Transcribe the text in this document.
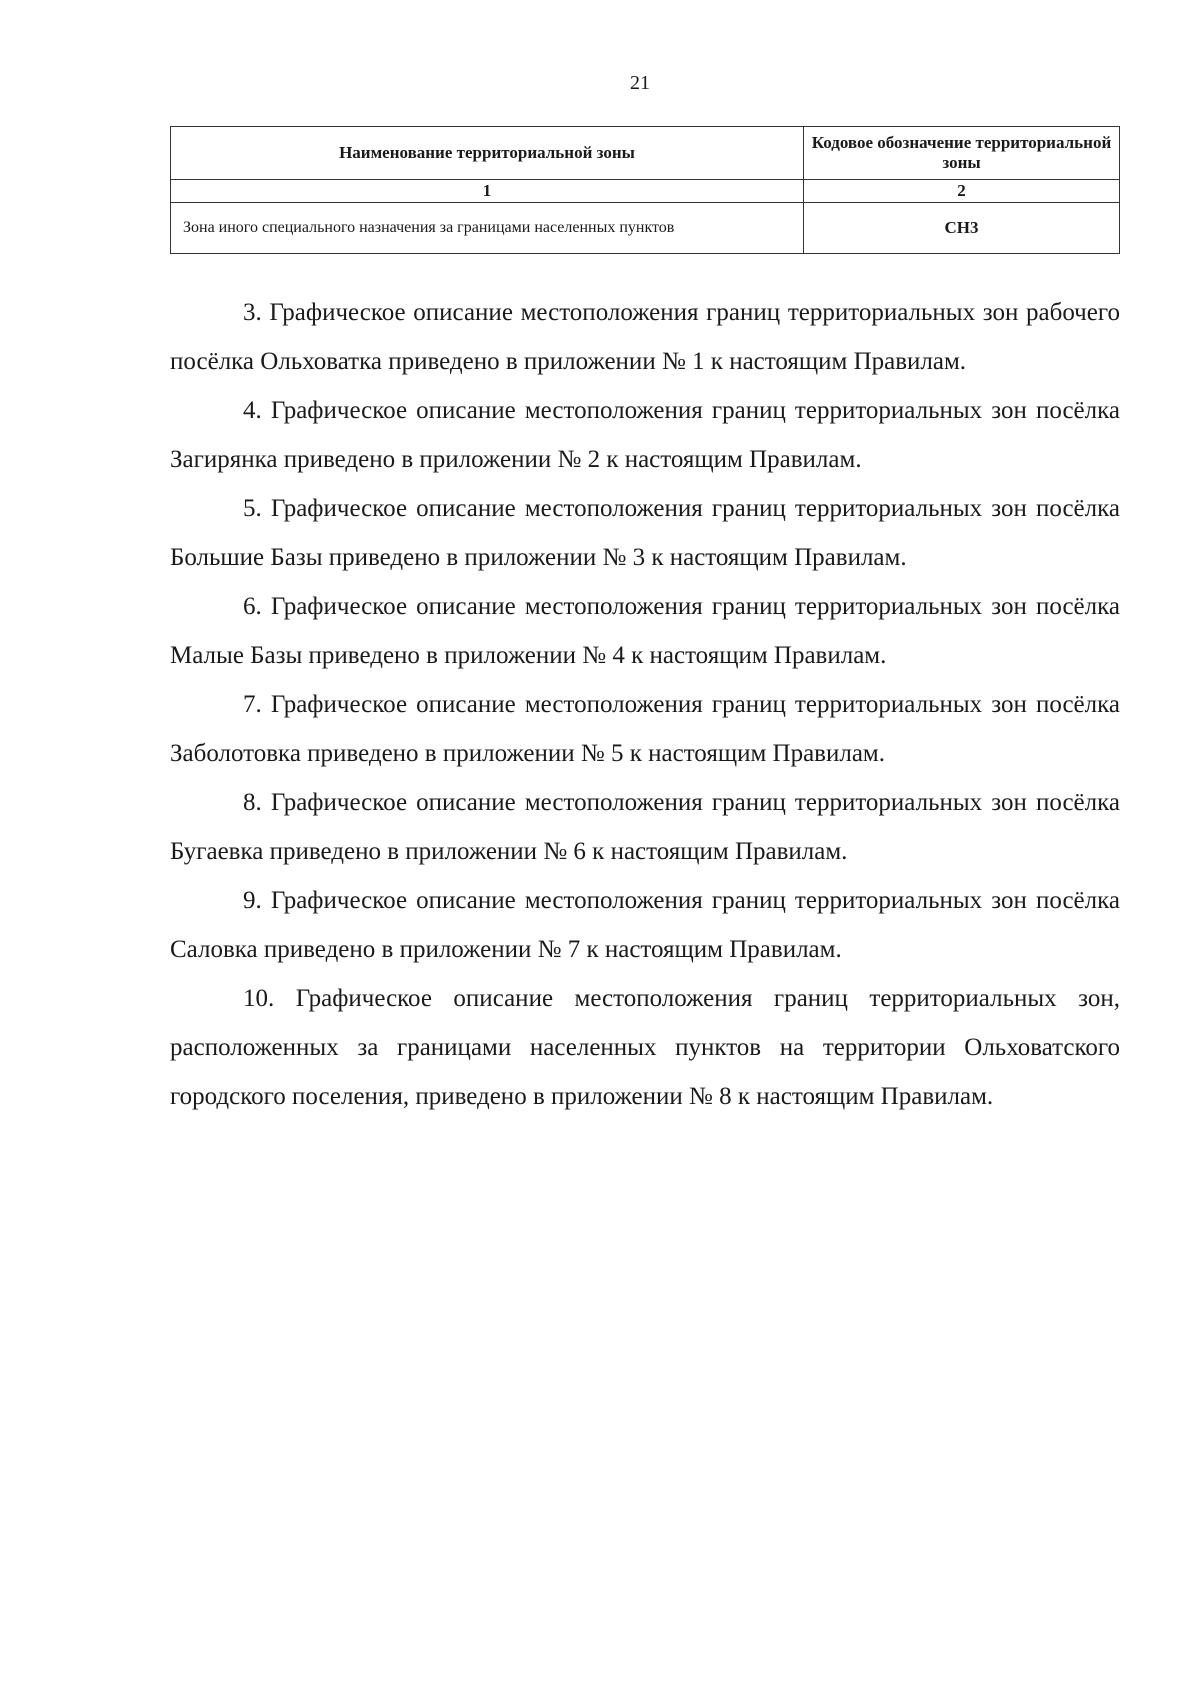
21
Наименование территориальной зоны	Кодовое обозначение территориальной зоны
1	2
Зона иного специального назначения за границами населенных пунктов	СН3

3. Графическое описание местоположения границ территориальных зон рабочего посёлка Ольховатка приведено в приложении № 1 к настоящим Правилам.

4. Графическое описание местоположения границ территориальных зон посёлка Загирянка приведено в приложении № 2 к настоящим Правилам.

5. Графическое описание местоположения границ территориальных зон посёлка Большие Базы приведено в приложении № 3 к настоящим Правилам.

6. Графическое описание местоположения границ территориальных зон посёлка Малые Базы приведено в приложении № 4 к настоящим Правилам.

7. Графическое описание местоположения границ территориальных зон посёлка Заболотовка приведено в приложении № 5 к настоящим Правилам.

8. Графическое описание местоположения границ территориальных зон посёлка Бугаевка приведено в приложении № 6 к настоящим Правилам.

9. Графическое описание местоположения границ территориальных зон посёлка Саловка приведено в приложении № 7 к настоящим Правилам.

10. Графическое описание местоположения границ территориальных зон, расположенных за границами населенных пунктов на территории Ольховатского городского поселения, приведено в приложении № 8 к настоящим Правилам.
